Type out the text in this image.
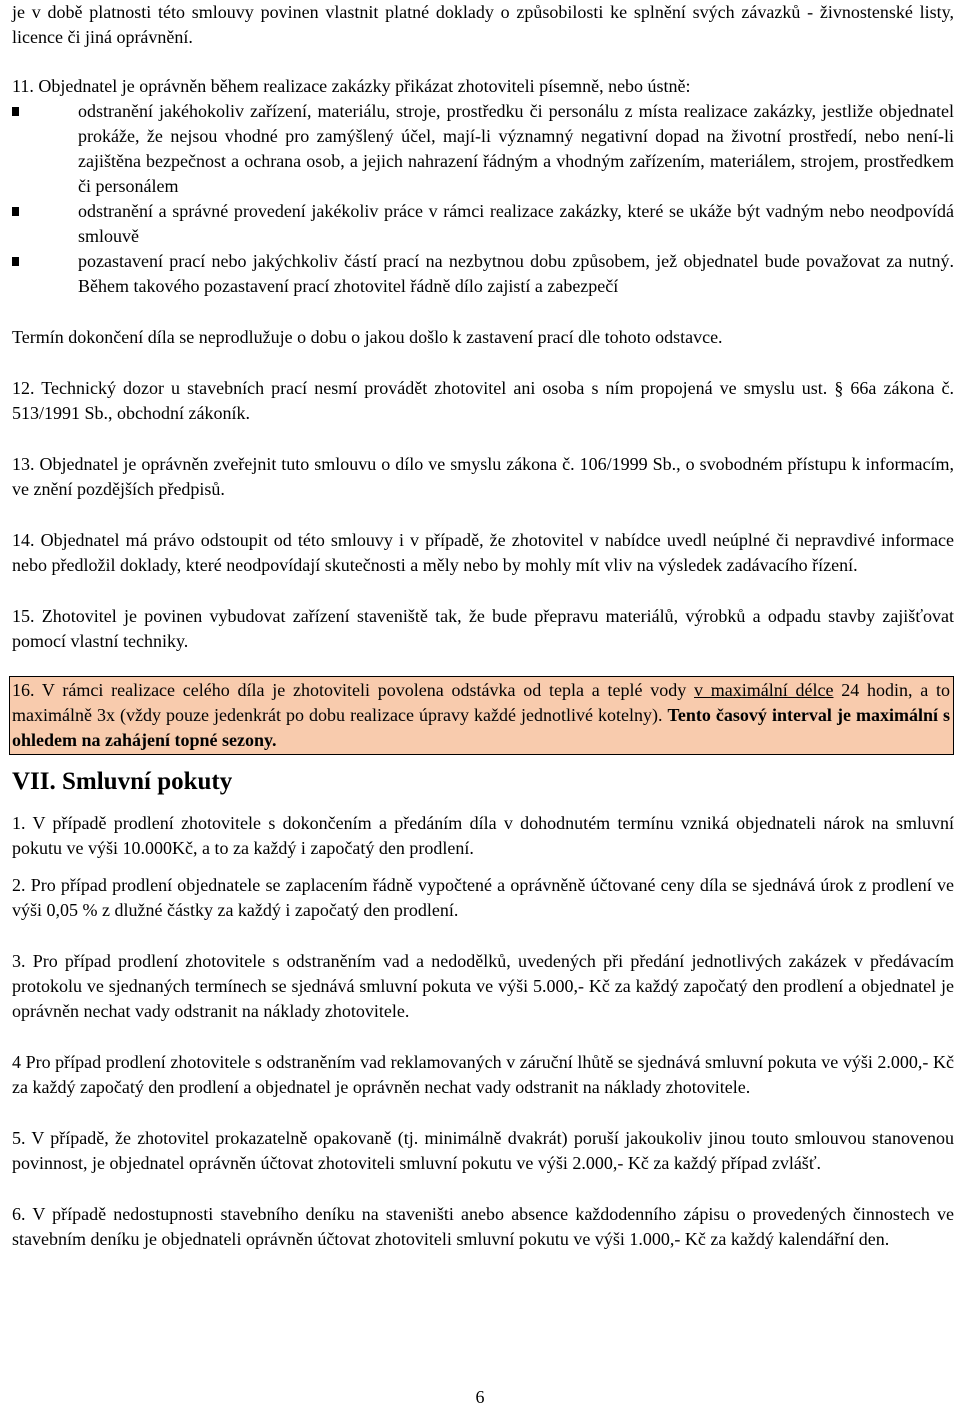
je v době platnosti této smlouvy povinen vlastnit platné doklady o způsobilosti ke splnění svých závazků - živnostenské listy, licence či jiná oprávnění.

11. Objednatel je oprávněn během realizace zakázky přikázat zhotoviteli písemně, nebo ústně:

odstranění jakéhokoliv zařízení, materiálu, stroje, prostředku či personálu z místa realizace zakázky, jestliže objednatel prokáže, že nejsou vhodné pro zamýšlený účel, mají-li významný negativní dopad na životní prostředí, nebo není-li zajištěna bezpečnost a ochrana osob, a jejich nahrazení řádným a vhodným zařízením, materiálem, strojem, prostředkem či personálem
odstranění a správné provedení jakékoliv práce v rámci realizace zakázky, které se ukáže být vadným nebo neodpovídá smlouvě
pozastavení prací nebo jakýchkoliv částí prací na nezbytnou dobu způsobem, jež objednatel bude považovat za nutný. Během takového pozastavení prací zhotovitel řádně dílo zajistí a zabezpečí

Termín dokončení díla se neprodlužuje o dobu o jakou došlo k zastavení prací dle tohoto odstavce.

12. Technický dozor u stavebních prací nesmí provádět zhotovitel ani osoba s ním propojená ve smyslu ust. § 66a zákona č. 513/1991 Sb., obchodní zákoník.

13. Objednatel je oprávněn zveřejnit tuto smlouvu o dílo ve smyslu zákona č. 106/1999 Sb., o svobodném přístupu k informacím, ve znění pozdějších předpisů.

14. Objednatel má právo odstoupit od této smlouvy i v případě, že zhotovitel v nabídce uvedl neúplné či nepravdivé informace nebo předložil doklady, které neodpovídají skutečnosti a měly nebo by mohly mít vliv na výsledek zadávacího řízení.

15. Zhotovitel je povinen vybudovat zařízení staveniště tak, že bude přepravu materiálů, výrobků a odpadu stavby zajišťovat pomocí vlastní techniky.

16. V rámci realizace celého díla je zhotoviteli povolena odstávka od tepla a teplé vody v maximální délce 24 hodin, a to maximálně 3x (vždy pouze jedenkrát po dobu realizace úpravy každé jednotlivé kotelny). Tento časový interval je maximální s ohledem na zahájení topné sezony.

VII. Smluvní pokuty

1. V případě prodlení zhotovitele s dokončením a předáním díla v dohodnutém termínu vzniká objednateli nárok na smluvní pokutu ve výši 10.000Kč, a to za každý i započatý den prodlení.

2. Pro případ prodlení objednatele se zaplacením řádně vypočtené a oprávněně účtované ceny díla se sjednává úrok z prodlení ve výši 0,05 % z dlužné částky za každý i započatý den prodlení.

3. Pro případ prodlení zhotovitele s odstraněním vad a nedodělků, uvedených při předání jednotlivých zakázek v předávacím protokolu ve sjednaných termínech se sjednává smluvní pokuta ve výši 5.000,- Kč za každý započatý den prodlení a objednatel je oprávněn nechat vady odstranit na náklady zhotovitele.

4 Pro případ prodlení zhotovitele s odstraněním vad reklamovaných v záruční lhůtě se sjednává smluvní pokuta ve výši 2.000,- Kč za každý započatý den prodlení a objednatel je oprávněn nechat vady odstranit na náklady zhotovitele.

5. V případě, že zhotovitel prokazatelně opakovaně (tj. minimálně dvakrát) poruší jakoukoliv jinou touto smlouvou stanovenou povinnost, je objednatel oprávněn účtovat zhotoviteli smluvní pokutu ve výši 2.000,- Kč za každý případ zvlášť.

6. V případě nedostupnosti stavebního deníku na staveništi anebo absence každodenního zápisu o provedených činnostech ve stavebním deníku je objednateli oprávněn účtovat zhotoviteli smluvní pokutu ve výši 1.000,- Kč za každý kalendářní den.

6
